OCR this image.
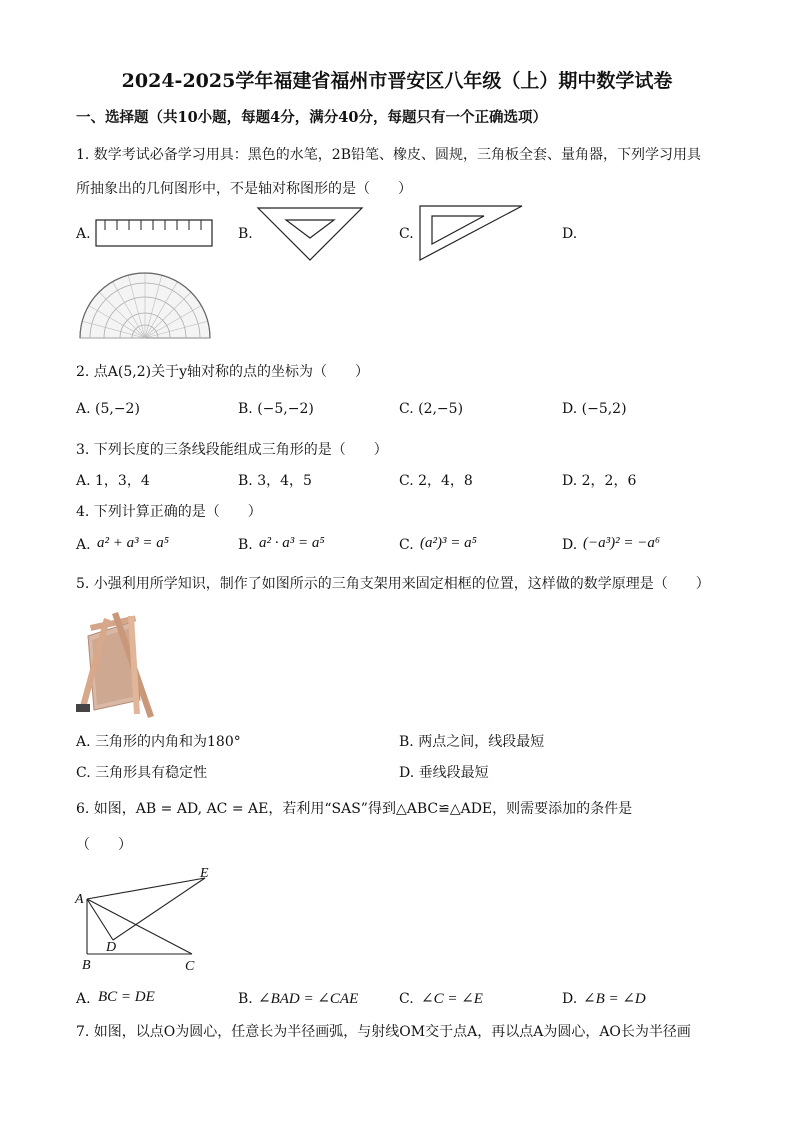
2024-2025学年福建省福州市晋安区八年级（上）期中数学试卷
一、选择题（共10小题，每题4分，满分40分，每题只有一个正确选项）
1. 数学考试必备学习用具：黑色的水笔，2B铅笔、橡皮、圆规，三角板全套、量角器，下列学习用具
所抽象出的几何图形中，不是轴对称图形的是（　　）
A.	B.	C.	D.
2. 点A(5,2)关于y轴对称的点的坐标为（　　）
A. (5,−2)	B. (−5,−2)	C. (2,−5)	D. (−5,2)
3. 下列长度的三条线段能组成三角形的是（　　）
A. 1，3，4	B. 3，4，5	C. 2，4，8	D. 2，2，6
4. 下列计算正确的是（　　）
A. a² + a³ = a⁵	B. a² · a³ = a⁵	C. (a²)³ = a⁵	D. (−a³)² = −a⁶
5. 小强利用所学知识，制作了如图所示的三角支架用来固定相框的位置，这样做的数学原理是（　　）
A. 三角形的内角和为180°	B. 两点之间，线段最短
C. 三角形具有稳定性	D. 垂线段最短
6. 如图，AB = AD, AC = AE，若利用“SAS”得到△ABC≌△ADE，则需要添加的条件是
（　　）
A
B	C
D
E
A. BC = DE	B. ∠BAD = ∠CAE	C. ∠C = ∠E	D. ∠B = ∠D
7. 如图，以点O为圆心，任意长为半径画弧，与射线OM交于点A，再以点A为圆心，AO长为半径画
